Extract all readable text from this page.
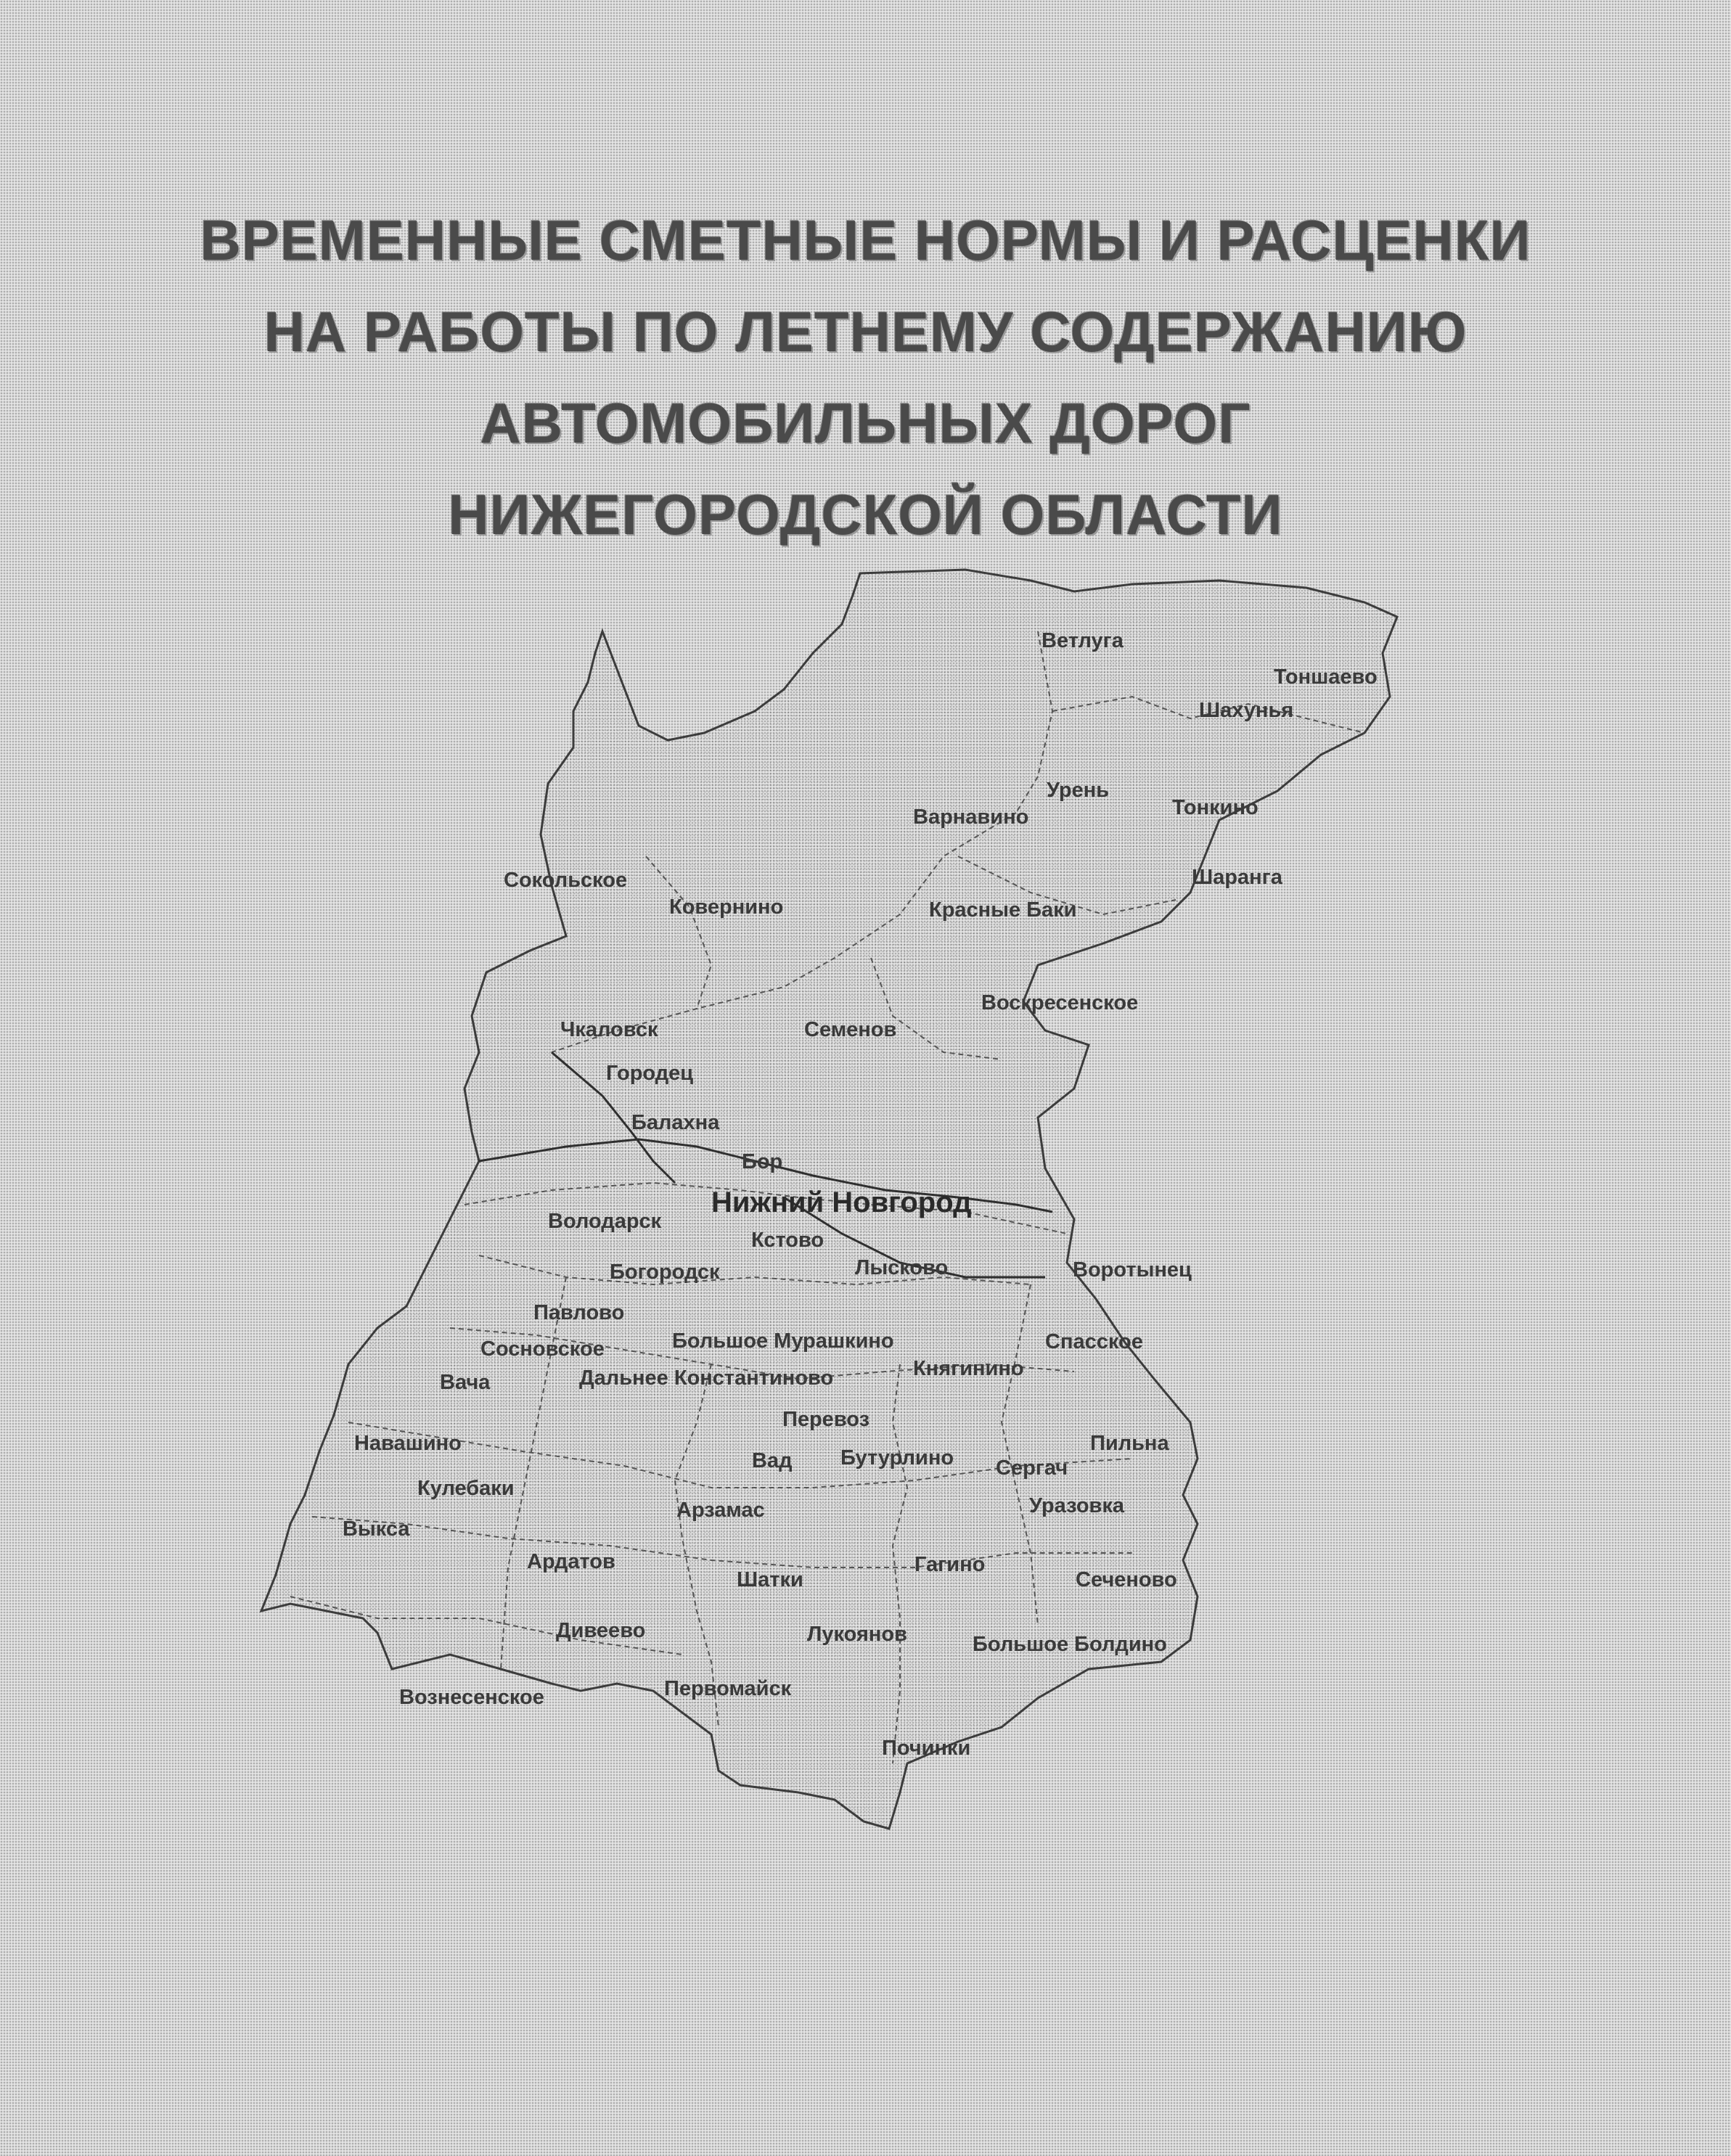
ВРЕМЕННЫЕ СМЕТНЫЕ НОРМЫ И РАСЦЕНКИ
НА РАБОТЫ ПО ЛЕТНЕМУ СОДЕРЖАНИЮ
АВТОМОБИЛЬНЫХ ДОРОГ
НИЖЕГОРОДСКОЙ ОБЛАСТИ
Нижний Новгород
Ветлуга
Тоншаево
Шахунья
Урень
Тонкино
Варнавино
Шаранга
Сокольское
Ковернино	Красные Баки
Воскресенское
Чкаловск	Семенов
Городец
Балахна
Бор
Володарск
Кстово
Богородск	Лысково	Воротынец
Павлово
Сосновское	Большое Мурашкино	Спасское
Вача	Дальнее Константиново	Княгинино
Перевоз
Навашино
Вад Бутурлино Сергач
Пильна
Кулебаки
Уразовка
Арзамас
Выкса
Ардатов	Гагино
Шатки	Сеченово
Дивеево	Лукоянов	Большое Болдино
Вознесенское	Первомайск
Починки
